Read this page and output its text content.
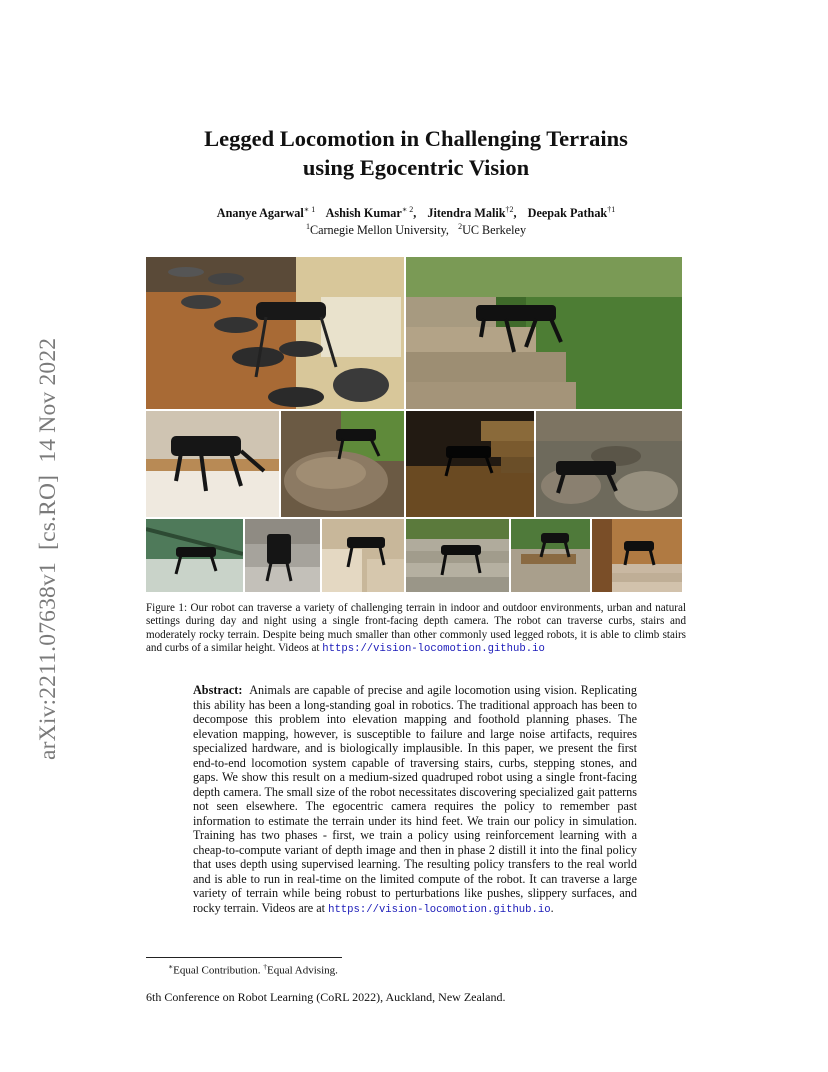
arXiv:2211.07638v1  [cs.RO]  14 Nov 2022
Legged Locomotion in Challenging Terrains
using Egocentric Vision
Ananye Agarwal$^{∗ 1}$ Ashish Kumar$^{∗ 2}$, Jitendra Malik$^{\dagger 2}$, Deepak Pathak$^{\dagger 1}$
$^1$Carnegie Mellon University, $^2$UC Berkeley
Figure 1: Our robot can traverse a variety of challenging terrain in indoor and outdoor environments, urban and natural settings during day and night using a single front-facing depth camera. The robot can traverse curbs, stairs and moderately rocky terrain. Despite being much smaller than other commonly used legged robots, it is able to climb stairs and curbs of a similar height. Videos at https://vision-locomotion.github.io
Abstract: Animals are capable of precise and agile locomotion using vision. Replicating this ability has been a long-standing goal in robotics. The traditional approach has been to decompose this problem into elevation mapping and foothold planning phases. The elevation mapping, however, is susceptible to failure and large noise artifacts, requires specialized hardware, and is biologically implausible. In this paper, we present the first end-to-end locomotion system capable of traversing stairs, curbs, stepping stones, and gaps. We show this result on a medium-sized quadruped robot using a single front-facing depth camera. The small size of the robot necessitates discovering specialized gait patterns not seen elsewhere. The egocentric camera requires the policy to remember past information to estimate the terrain under its hind feet. We train our policy in simulation. Training has two phases - first, we train a policy using reinforcement learning with a cheap-to-compute variant of depth image and then in phase 2 distill it into the final policy that uses depth using supervised learning. The resulting policy transfers to the real world and is able to run in real-time on the limited compute of the robot. It can traverse a large variety of terrain while being robust to perturbations like pushes, slippery surfaces, and rocky terrain. Videos are at https://vision-locomotion.github.io.
∗Equal Contribution. †Equal Advising.
6th Conference on Robot Learning (CoRL 2022), Auckland, New Zealand.
